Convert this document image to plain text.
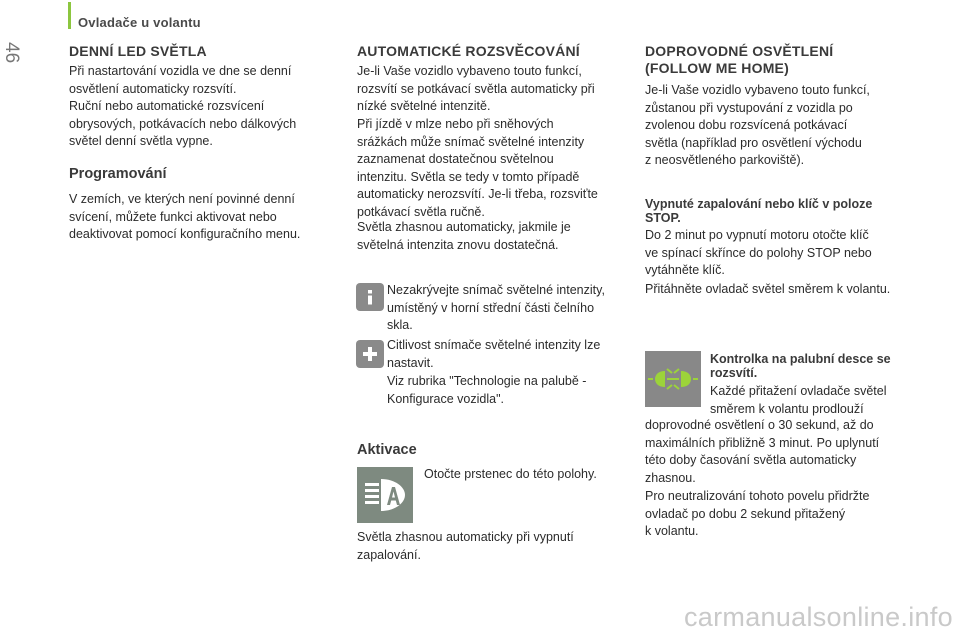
Ovladače u volantu
46	DENNÍ LED SVĚTLA

Při nastartování vozidla ve dne se denní

osvětlení automaticky rozsvítí.

Ruční nebo automatické rozsvícení

obrysových, potkávacích nebo dálkových

světel denní světla vypne.

Programování

V zemích, ve kterých není povinné denní

svícení, můžete funkci aktivovat nebo

deaktivovat pomocí konfiguračního menu.

AUTOMATICKÉ ROZSVĚCOVÁNÍ

Je-li Vaše vozidlo vybaveno touto funkcí,

rozsvítí se potkávací světla automaticky při

nízké světelné intenzitě.

Při jízdě v mlze nebo při sněhových

srážkách může snímač světelné intenzity

zaznamenat dostatečnou světelnou

intenzitu. Světla se tedy v tomto případě

automaticky nerozsvítí. Je-li třeba, rozsviťte

potkávací světla ručně.

Světla zhasnou automaticky, jakmile je

světelná intenzita znovu dostatečná.

Nezakrývejte snímač světelné intenzity,

umístěný v horní střední části čelního

skla.

Citlivost snímače světelné intenzity lze

nastavit.

Viz rubrika "Technologie na palubě -

Konfigurace vozidla".

Aktivace

Otočte prstenec do této polohy.

Světla zhasnou automaticky při vypnutí

zapalování.

DOPROVODNÉ OSVĚTLENÍ
(FOLLOW ME HOME)

Je-li Vaše vozidlo vybaveno touto funkcí,

zůstanou při vystupování z vozidla po

zvolenou dobu rozsvícená potkávací

světla (například pro osvětlení východu

z neosvětleného parkoviště).

Vypnuté zapalování nebo klíč v poloze
STOP.

Do 2 minut po vypnutí motoru otočte klíč

ve spínací skřínce do polohy STOP nebo

vytáhněte klíč.

Přitáhněte ovladač světel směrem k volantu.

Kontrolka na palubní desce se
rozsvítí.

Každé přitažení ovladače světel

směrem k volantu prodlouží

doprovodné osvětlení o 30 sekund, až do

maximálních přibližně 3 minut. Po uplynutí

této doby časování světla automaticky

zhasnou.

Pro neutralizování tohoto povelu přidržte

ovladač po dobu 2 sekund přitažený

k volantu.

carmanualsonline.info
